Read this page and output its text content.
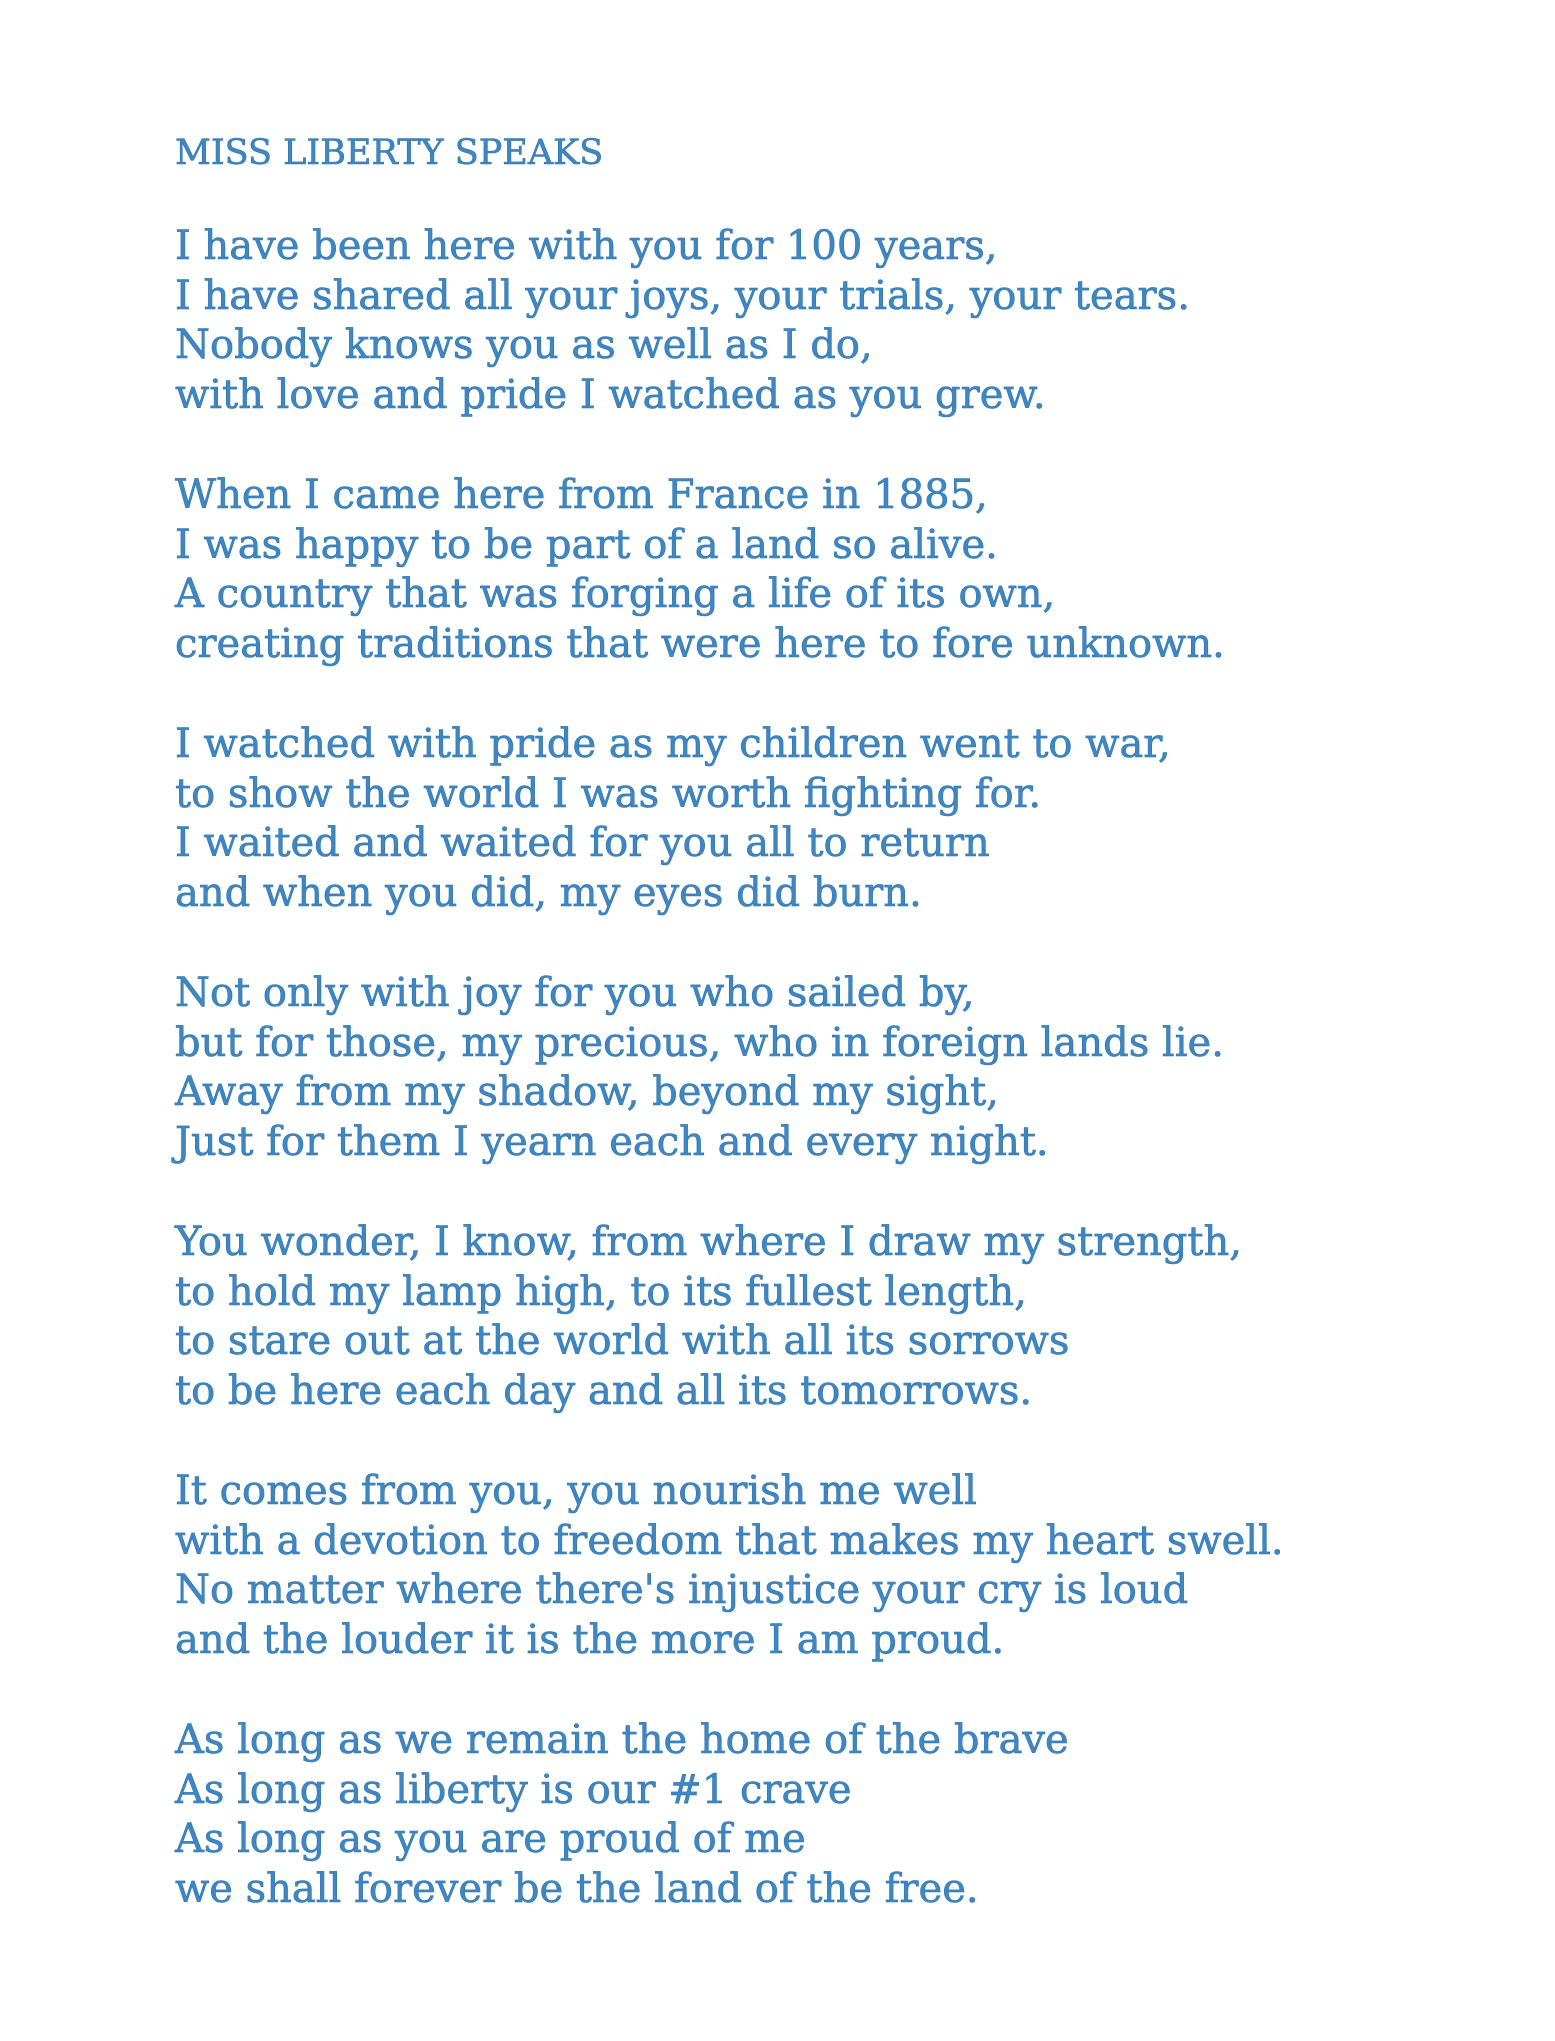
MISS LIBERTY SPEAKS
I have been here with you for 100 years,
I have shared all your joys, your trials, your tears.
Nobody knows you as well as I do,
with love and pride I watched as you grew.
When I came here from France in 1885,
I was happy to be part of a land so alive.
A country that was forging a life of its own,
creating traditions that were here to fore unknown.
I watched with pride as my children went to war,
to show the world I was worth fighting for.
I waited and waited for you all to return
and when you did, my eyes did burn.
Not only with joy for you who sailed by,
but for those, my precious, who in foreign lands lie.
Away from my shadow, beyond my sight,
Just for them I yearn each and every night.
You wonder, I know, from where I draw my strength,
to hold my lamp high, to its fullest length,
to stare out at the world with all its sorrows
to be here each day and all its tomorrows.
It comes from you, you nourish me well
with a devotion to freedom that makes my heart swell.
No matter where there's injustice your cry is loud
and the louder it is the more I am proud.
As long as we remain the home of the brave
As long as liberty is our #1 crave
As long as you are proud of me
we shall forever be the land of the free.
